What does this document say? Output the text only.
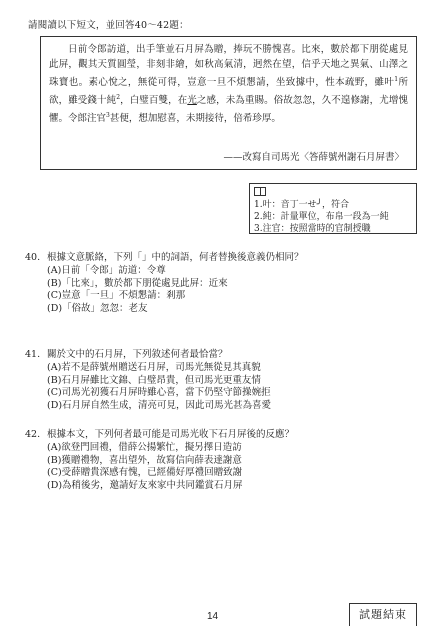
請閱讀以下短文，並回答40～42題：

日前令郎訪道，出手筆並石月屏為贈，捧玩不勝愧喜。比來，數於都下朋從處見此屏，觀其天質圓瑩，非刻非繪，如秋高氣清，迥然在望，信乎天地之異氣、山澤之珠寶也。素心悅之，無從可得，豈意一旦不煩懇請，坐致據中，性本疏野，雖叶$^1$所欲，雖受錢十純$^2$，白璧百雙，在光之感，未為重賜。俗故忽忽，久不遑修謝，尤增愧懼。令郎注官$^3$甚便，想加慰喜，未期接待，倍希珍厚。

——改寫自司馬光〈答薛號州謝石月屏書〉
1.叶：音丁一せ╯，符合
2.純：計量單位，布帛一段為一純
3.注官：按照當時的官制授職
40. 根據文意脈絡，下列「」中的詞語，何者替換後意義仍相同？
(A)日前「令郎」訪道：令尊
(B)「比來」，數於都下朋從處見此屏：近來
(C)豈意「一旦」不煩懇請：剎那
(D)「俗故」忽忽：老友
41. 關於文中的石月屏，下列敘述何者最恰當？
(A)若不是薛號州贈送石月屏，司馬光無從見其真貌
(B)石月屏雖比文錦、白璧昂貴，但司馬光更重友情
(C)司馬光初獲石月屏時雖心喜，當下仍堅守節操婉拒
(D)石月屏自然生成，清亮可見，因此司馬光甚為喜愛
42. 根據本文，下列何者最可能是司馬光收下石月屏後的反應？
(A)欲登門回禮，借薛公揚繁忙，擬另擇日造訪
(B)獲贈禮物，喜出望外，故寫信向薛表達謝意
(C)受薛贈貴深感有愧，已經備好厚禮回贈致謝
(D)為稍後劣，邀請好友來家中共同鑑賞石月屏
14	試題結束
